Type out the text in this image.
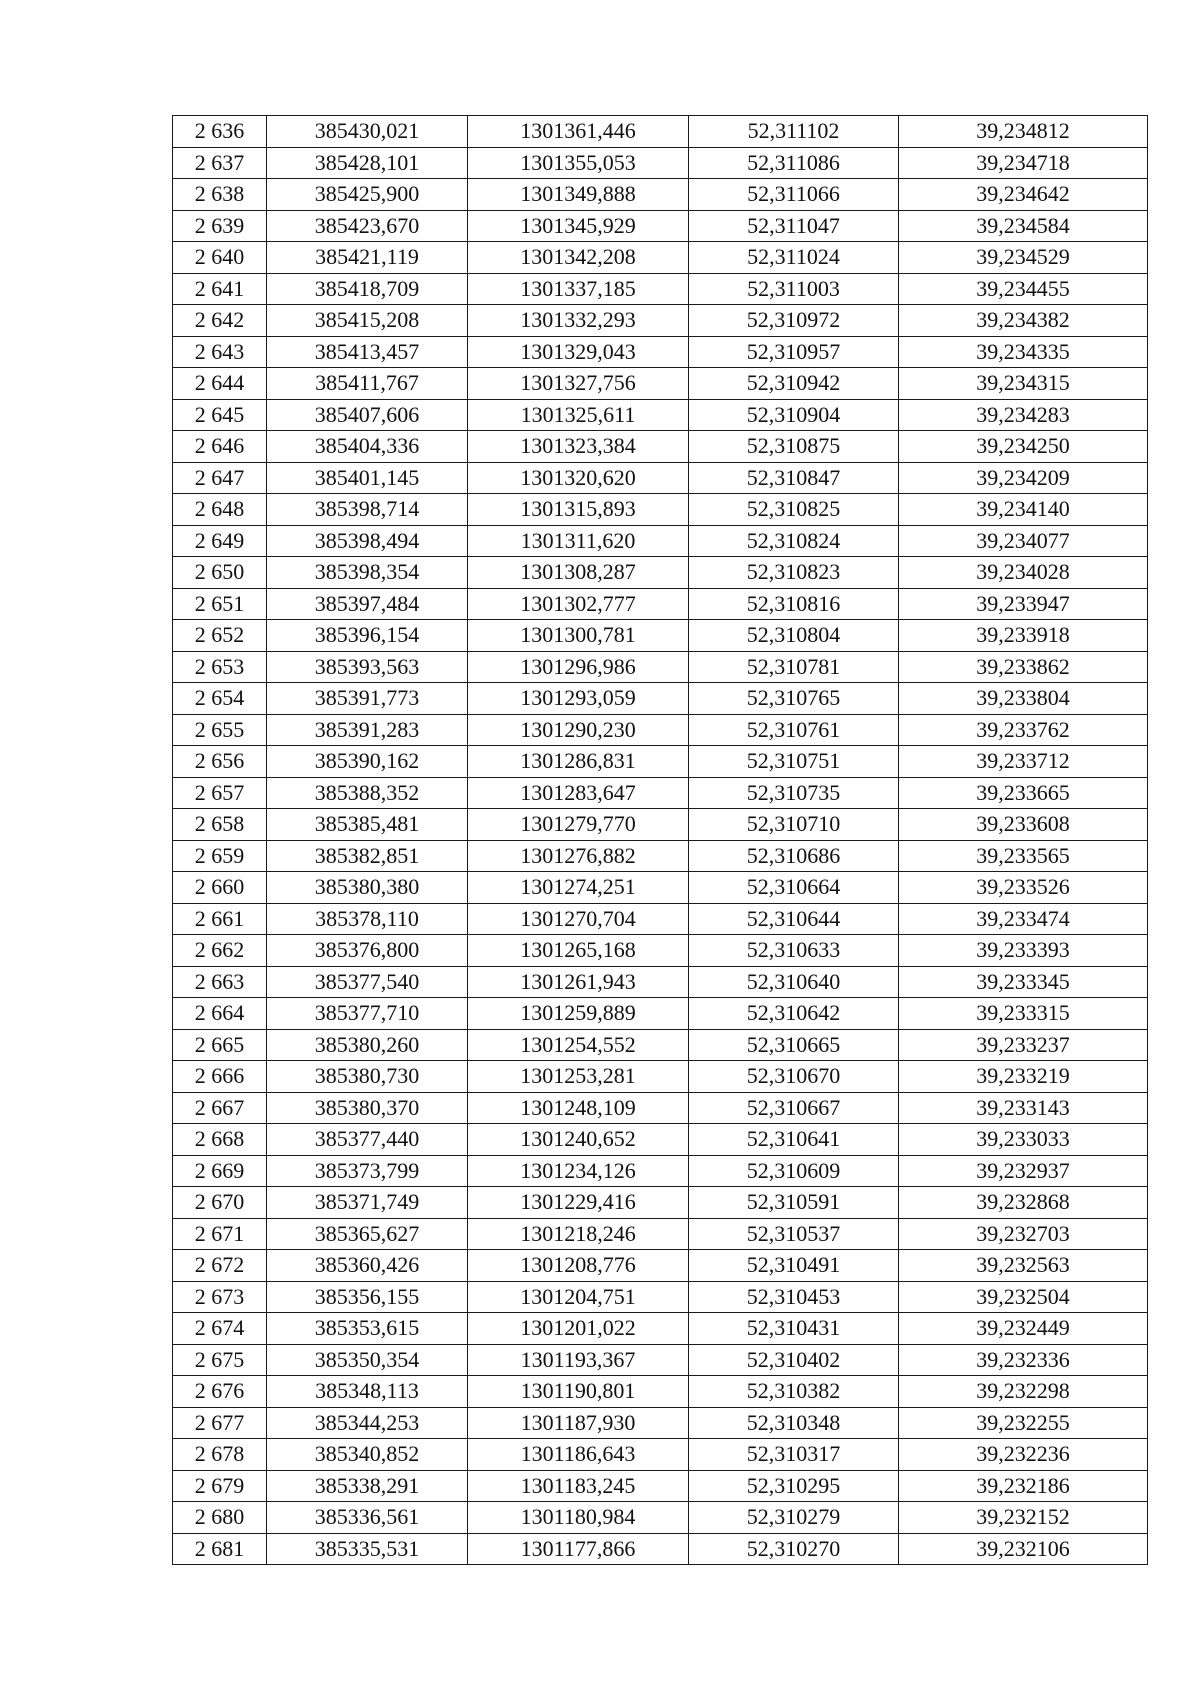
2 636	385430,021	1301361,446	52,311102	39,234812
2 637	385428,101	1301355,053	52,311086	39,234718
2 638	385425,900	1301349,888	52,311066	39,234642
2 639	385423,670	1301345,929	52,311047	39,234584
2 640	385421,119	1301342,208	52,311024	39,234529
2 641	385418,709	1301337,185	52,311003	39,234455
2 642	385415,208	1301332,293	52,310972	39,234382
2 643	385413,457	1301329,043	52,310957	39,234335
2 644	385411,767	1301327,756	52,310942	39,234315
2 645	385407,606	1301325,611	52,310904	39,234283
2 646	385404,336	1301323,384	52,310875	39,234250
2 647	385401,145	1301320,620	52,310847	39,234209
2 648	385398,714	1301315,893	52,310825	39,234140
2 649	385398,494	1301311,620	52,310824	39,234077
2 650	385398,354	1301308,287	52,310823	39,234028
2 651	385397,484	1301302,777	52,310816	39,233947
2 652	385396,154	1301300,781	52,310804	39,233918
2 653	385393,563	1301296,986	52,310781	39,233862
2 654	385391,773	1301293,059	52,310765	39,233804
2 655	385391,283	1301290,230	52,310761	39,233762
2 656	385390,162	1301286,831	52,310751	39,233712
2 657	385388,352	1301283,647	52,310735	39,233665
2 658	385385,481	1301279,770	52,310710	39,233608
2 659	385382,851	1301276,882	52,310686	39,233565
2 660	385380,380	1301274,251	52,310664	39,233526
2 661	385378,110	1301270,704	52,310644	39,233474
2 662	385376,800	1301265,168	52,310633	39,233393
2 663	385377,540	1301261,943	52,310640	39,233345
2 664	385377,710	1301259,889	52,310642	39,233315
2 665	385380,260	1301254,552	52,310665	39,233237
2 666	385380,730	1301253,281	52,310670	39,233219
2 667	385380,370	1301248,109	52,310667	39,233143
2 668	385377,440	1301240,652	52,310641	39,233033
2 669	385373,799	1301234,126	52,310609	39,232937
2 670	385371,749	1301229,416	52,310591	39,232868
2 671	385365,627	1301218,246	52,310537	39,232703
2 672	385360,426	1301208,776	52,310491	39,232563
2 673	385356,155	1301204,751	52,310453	39,232504
2 674	385353,615	1301201,022	52,310431	39,232449
2 675	385350,354	1301193,367	52,310402	39,232336
2 676	385348,113	1301190,801	52,310382	39,232298
2 677	385344,253	1301187,930	52,310348	39,232255
2 678	385340,852	1301186,643	52,310317	39,232236
2 679	385338,291	1301183,245	52,310295	39,232186
2 680	385336,561	1301180,984	52,310279	39,232152
2 681	385335,531	1301177,866	52,310270	39,232106
